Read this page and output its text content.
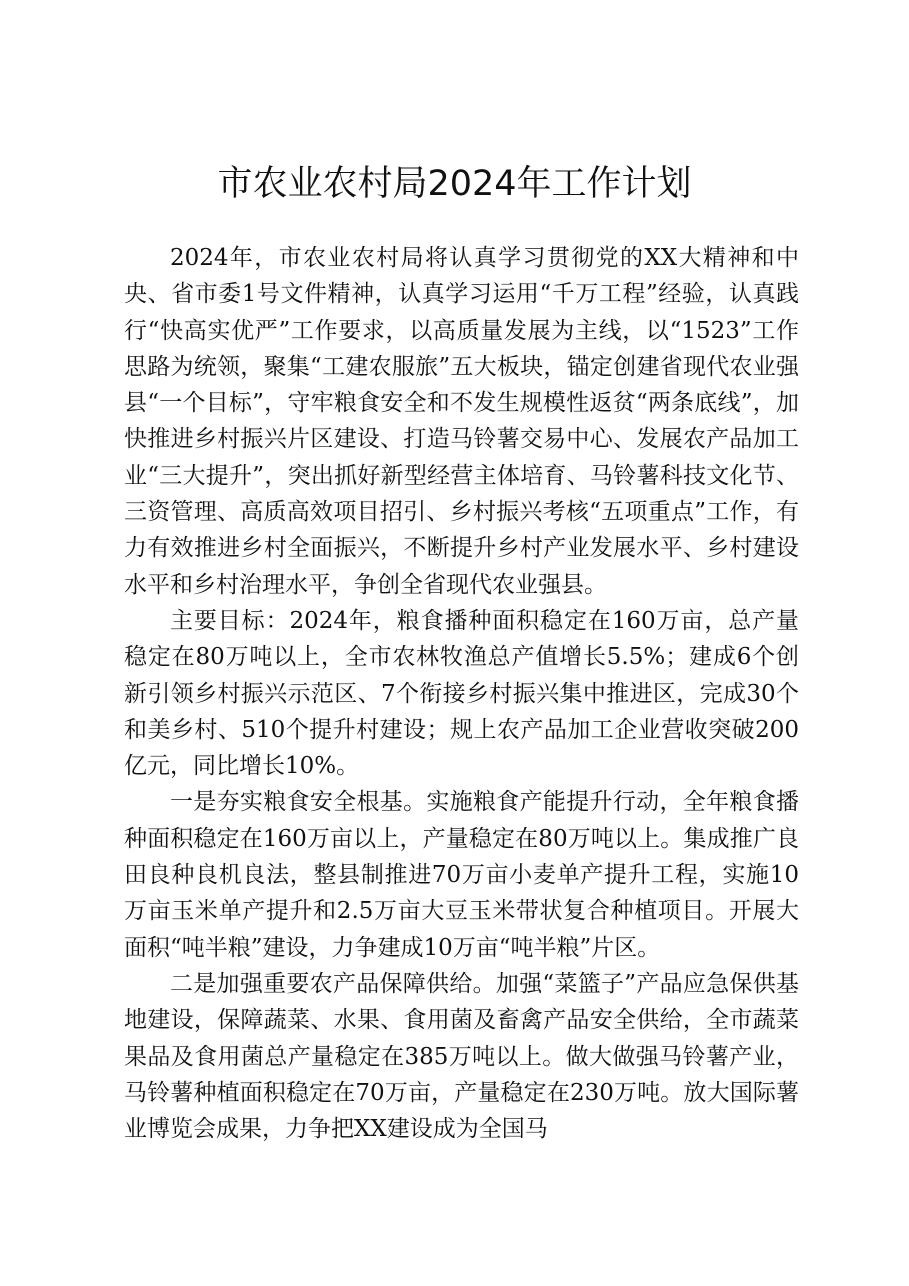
市农业农村局2024年工作计划

2024年，市农业农村局将认真学习贯彻党的XX大精神和中央、省市委1号文件精神，认真学习运用“千万工程”经验，认真践行“快高实优严”工作要求，以高质量发展为主线，以“1523”工作思路为统领，聚集“工建农服旅”五大板块，锚定创建省现代农业强县“一个目标”，守牢粮食安全和不发生规模性返贫“两条底线”，加快推进乡村振兴片区建设、打造马铃薯交易中心、发展农产品加工业“三大提升”，突出抓好新型经营主体培育、马铃薯科技文化节、三资管理、高质高效项目招引、乡村振兴考核“五项重点”工作，有力有效推进乡村全面振兴，不断提升乡村产业发展水平、乡村建设水平和乡村治理水平，争创全省现代农业强县。

主要目标：2024年，粮食播种面积稳定在160万亩，总产量稳定在80万吨以上，全市农林牧渔总产值增长5.5%；建成6个创新引领乡村振兴示范区、7个衔接乡村振兴集中推进区，完成30个和美乡村、510个提升村建设；规上农产品加工企业营收突破200亿元，同比增长10%。

一是夯实粮食安全根基。实施粮食产能提升行动，全年粮食播种面积稳定在160万亩以上，产量稳定在80万吨以上。集成推广良田良种良机良法，整县制推进70万亩小麦单产提升工程，实施10万亩玉米单产提升和2.5万亩大豆玉米带状复合种植项目。开展大面积“吨半粮”建设，力争建成10万亩“吨半粮”片区。

二是加强重要农产品保障供给。加强“菜篮子”产品应急保供基地建设，保障蔬菜、水果、食用菌及畜禽产品安全供给，全市蔬菜果品及食用菌总产量稳定在385万吨以上。做大做强马铃薯产业，马铃薯种植面积稳定在70万亩，产量稳定在230万吨。放大国际薯业博览会成果，力争把XX建设成为全国马
